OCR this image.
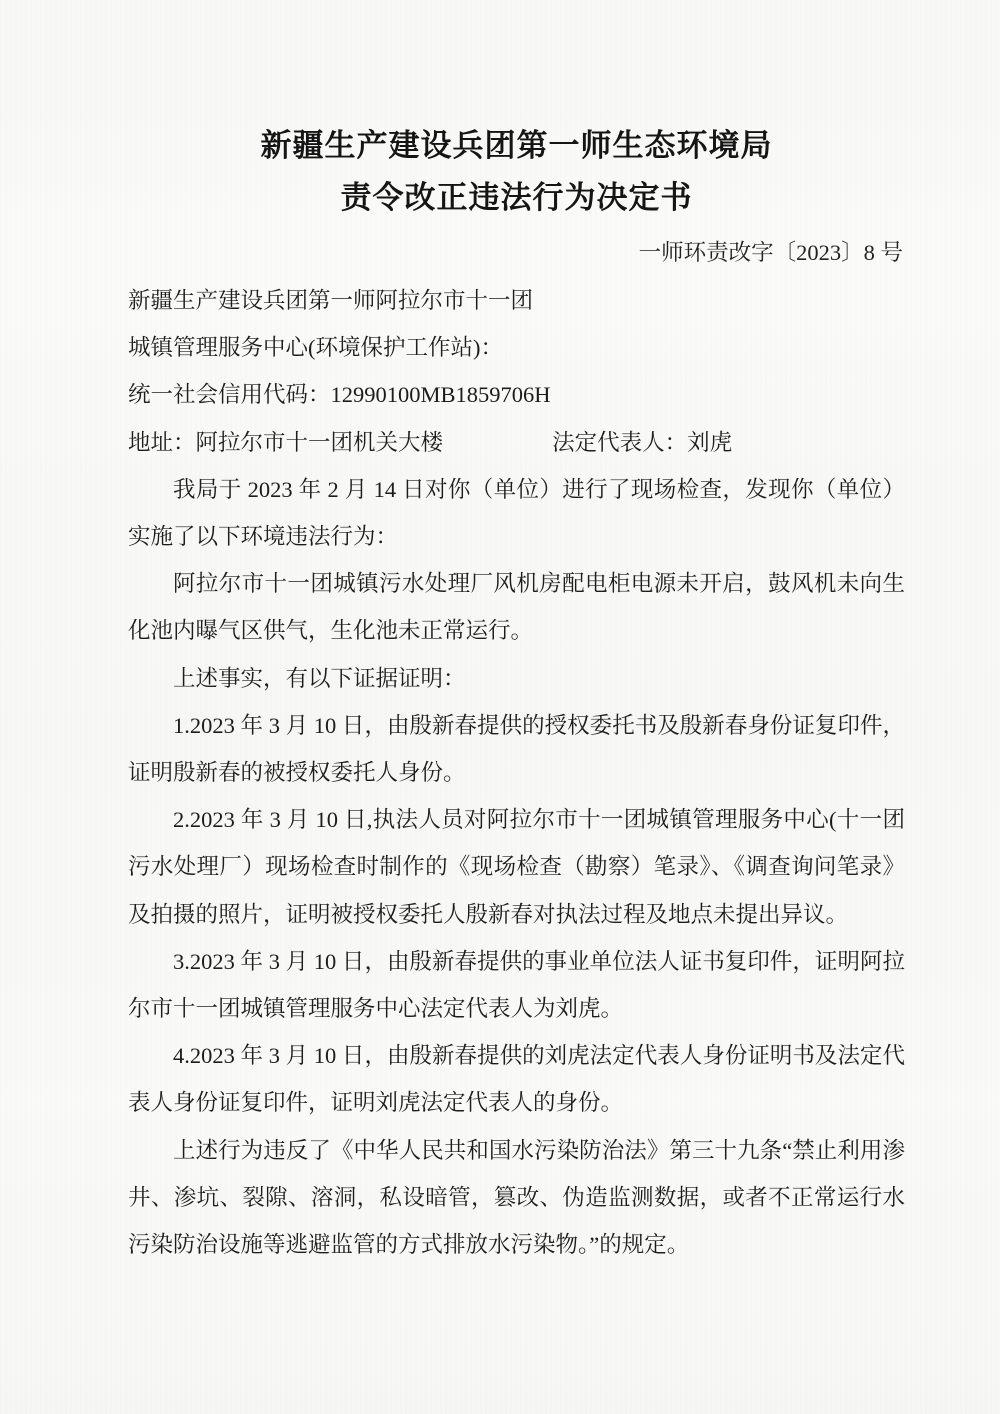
新疆生产建设兵团第一师生态环境局
责令改正违法行为决定书
一师环责改字〔2023〕8 号

新疆生产建设兵团第一师阿拉尔市十一团

城镇管理服务中心(环境保护工作站)：

统一社会信用代码：12990100MB1859706H

地址：阿拉尔市十一团机关大楼	法定代表人：刘虎

我局于 2023 年 2 月 14 日对你（单位）进行了现场检查，发现你（单位）实施了以下环境违法行为：

阿拉尔市十一团城镇污水处理厂风机房配电柜电源未开启，鼓风机未向生化池内曝气区供气，生化池未正常运行。

上述事实，有以下证据证明：

1.2023 年 3 月 10 日，由殷新春提供的授权委托书及殷新春身份证复印件，证明殷新春的被授权委托人身份。

2.2023 年 3 月 10 日,执法人员对阿拉尔市十一团城镇管理服务中心(十一团污水处理厂）现场检查时制作的《现场检查（勘察）笔录》、《调查询问笔录》及拍摄的照片，证明被授权委托人殷新春对执法过程及地点未提出异议。

3.2023 年 3 月 10 日，由殷新春提供的事业单位法人证书复印件，证明阿拉尔市十一团城镇管理服务中心法定代表人为刘虎。

4.2023 年 3 月 10 日，由殷新春提供的刘虎法定代表人身份证明书及法定代表人身份证复印件，证明刘虎法定代表人的身份。

上述行为违反了《中华人民共和国水污染防治法》第三十九条“禁止利用渗井、渗坑、裂隙、溶洞，私设暗管，篡改、伪造监测数据，或者不正常运行水污染防治设施等逃避监管的方式排放水污染物。”的规定。
